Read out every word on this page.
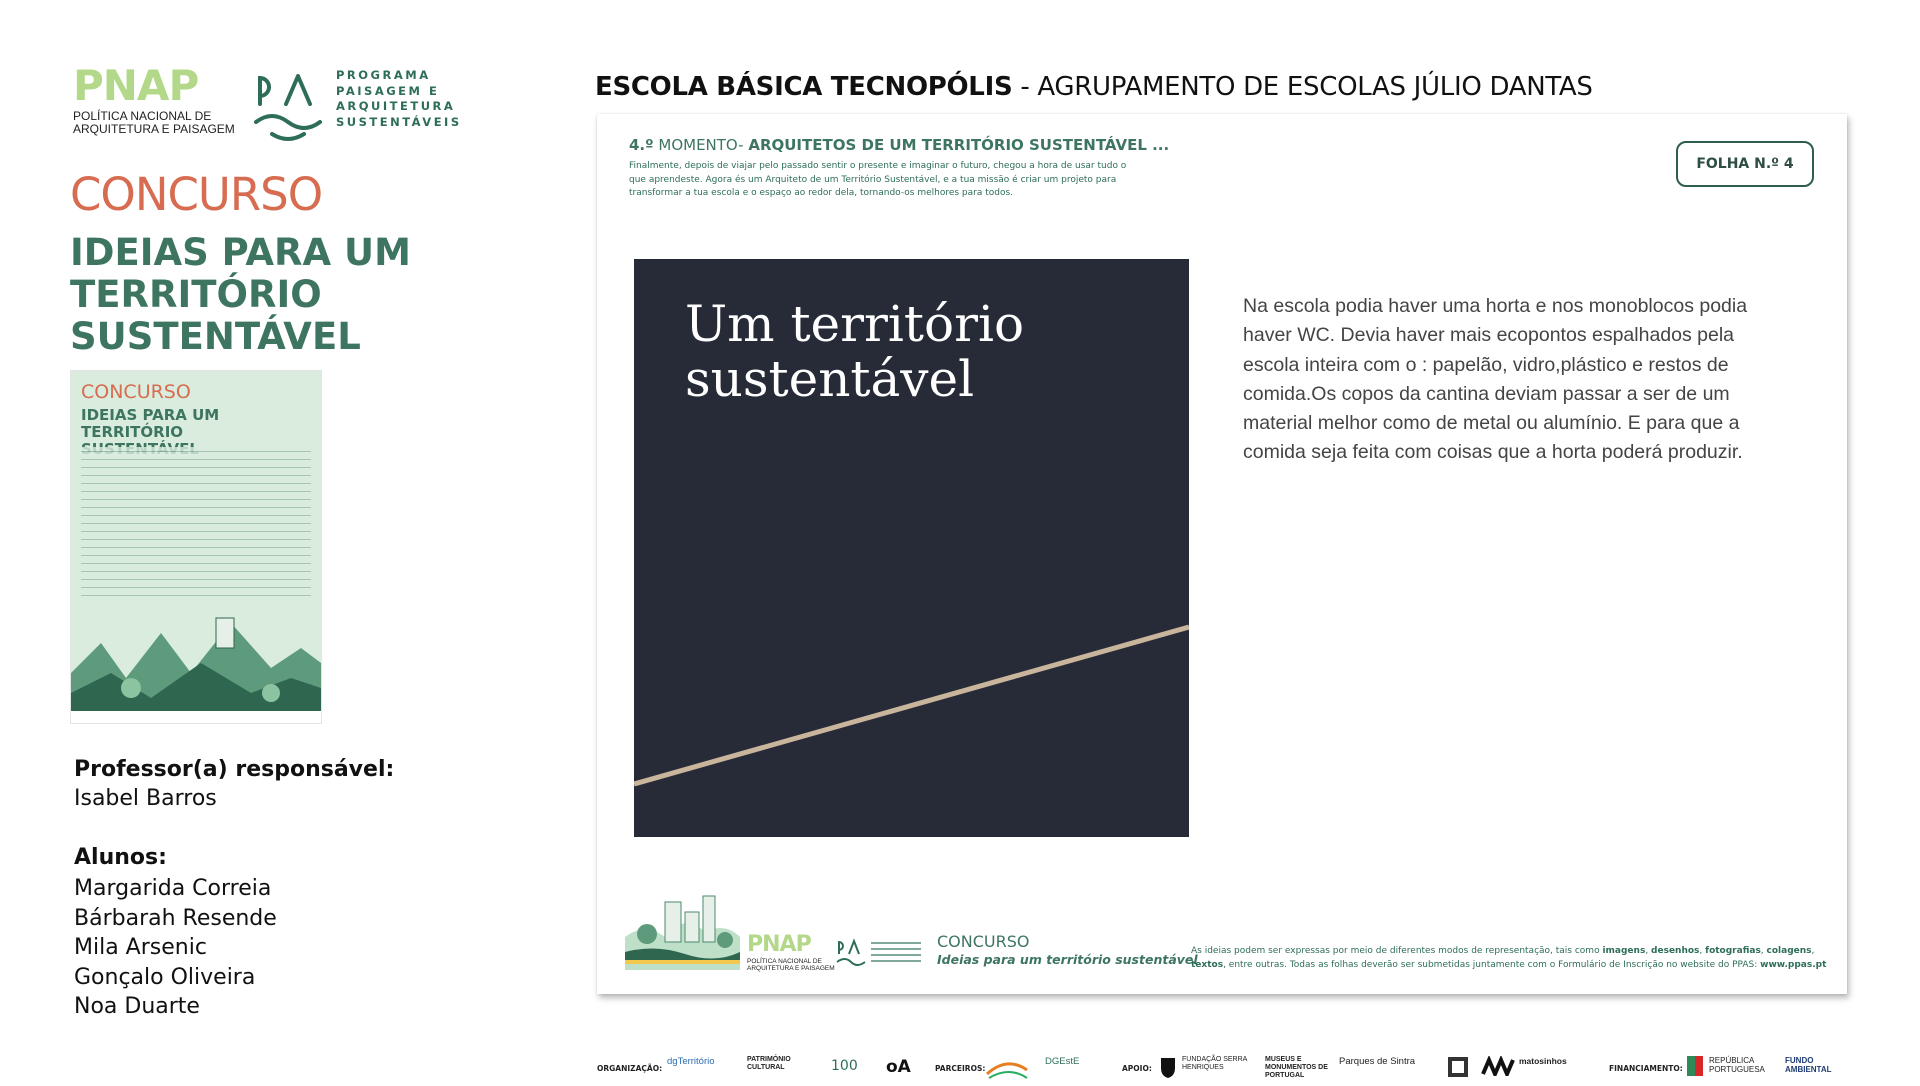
PNAP
POLÍTICA NACIONAL DE
ARQUITETURA E PAISAGEM
PROGRAMA
PAISAGEM E
ARQUITETURA
SUSTENTÁVEIS
CONCURSO
IDEIAS PARA UM
TERRITÓRIO
SUSTENTÁVEL
CONCURSO
IDEIAS PARA UM TERRITÓRIO
Professor(a) responsável:
Isabel Barros
Alunos:
Margarida Correia
Bárbarah Resende
Mila Arsenic
Gonçalo Oliveira
Noa Duarte
ESCOLA BÁSICA TECNOPÓLIS - AGRUPAMENTO DE ESCOLAS JÚLIO DANTAS
4.º MOMENTO- ARQUITETOS DE UM TERRITÓRIO SUSTENTÁVEL ...
Finalmente, depois de viajar pelo passado sentir o presente e imaginar o futuro, chegou a hora de usar tudo o que aprendeste. Agora és um Arquiteto de um Território Sustentável, e a tua missão é criar um projeto para transformar a tua escola e o espaço ao redor dela, tornando-os melhores para todos.
FOLHA N.º 4
Um território
sustentável
Na escola podia haver uma horta e nos monoblocos podia haver WC. Devia haver mais ecopontos espalhados pela escola inteira com o : papelão, vidro,plástico e restos de comida.Os copos da cantina deviam passar a ser de um material melhor como de metal ou alumínio. E para que a comida seja feita com coisas que a horta poderá produzir.
PNAP
POLÍTICA NACIONAL DE
ARQUITETURA E PAISAGEM
CONCURSO
Ideias para um território sustentável
As ideias podem ser expressas por meio de diferentes modos de representação, tais como imagens, desenhos, fotografias, colagens, textos, entre outras. Todas as folhas deverão ser submetidas juntamente com o Formulário de Inscrição no website do PPAS: www.ppas.pt
ORGANIZAÇÃO:
dgTerritório	PATRIMÓNIO CULTURAL	100 oA	PARCEIROS:
DGEstE
APOIO:
FUNDAÇÃO SERRA HENRIQUES
MUSEUS E MONUMENTOS DE PORTUGAL
Parques de Sintra	matosinhos
FINANCIAMENTO:
REPÚBLICA PORTUGUESA
FUNDO AMBIENTAL
